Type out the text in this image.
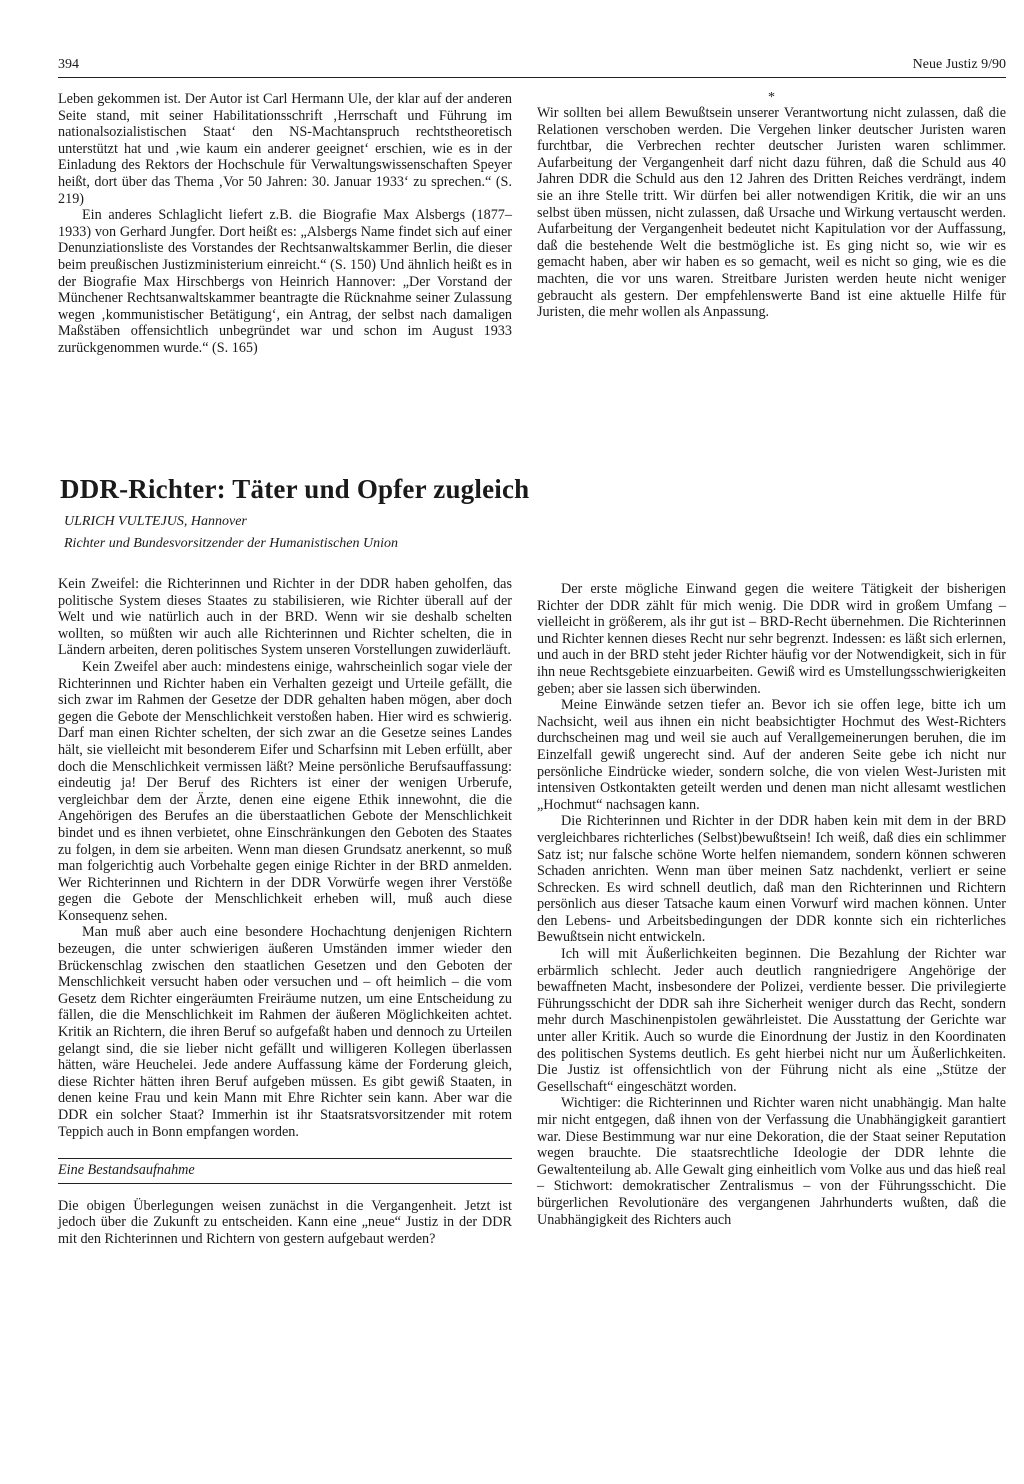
394	Neue Justiz 9/90

Leben gekommen ist. Der Autor ist Carl Hermann Ule, der klar auf der anderen Seite stand, mit seiner Habilitationsschrift ‚Herrschaft und Führung im nationalsozialistischen Staat‘ den NS-Machtanspruch rechtstheoretisch unterstützt hat und ‚wie kaum ein anderer geeignet‘ erschien, wie es in der Einladung des Rektors der Hochschule für Verwaltungswissenschaften Speyer heißt, dort über das Thema ‚Vor 50 Jahren: 30. Januar 1933‘ zu sprechen.“ (S. 219)

Ein anderes Schlaglicht liefert z.B. die Biografie Max Alsbergs (1877–1933) von Gerhard Jungfer. Dort heißt es: „Alsbergs Name findet sich auf einer Denunziationsliste des Vorstandes der Rechtsanwaltskammer Berlin, die dieser beim preußischen Justizministerium einreicht.“ (S. 150) Und ähnlich heißt es in der Biografie Max Hirschbergs von Heinrich Hannover: „Der Vorstand der Münchener Rechtsanwaltskammer beantragte die Rücknahme seiner Zulassung wegen ‚kommunistischer Betätigung‘, ein Antrag, der selbst nach damaligen Maßstäben offensichtlich unbegründet war und schon im August 1933 zurückgenommen wurde.“ (S. 165)

*

Wir sollten bei allem Bewußtsein unserer Verantwortung nicht zulassen, daß die Relationen verschoben werden. Die Vergehen linker deutscher Juristen waren furchtbar, die Verbrechen rechter deutscher Juristen waren schlimmer. Aufarbeitung der Vergangenheit darf nicht dazu führen, daß die Schuld aus 40 Jahren DDR die Schuld aus den 12 Jahren des Dritten Reiches verdrängt, indem sie an ihre Stelle tritt. Wir dürfen bei aller notwendigen Kritik, die wir an uns selbst üben müssen, nicht zulassen, daß Ursache und Wirkung vertauscht werden. Aufarbeitung der Vergangenheit bedeutet nicht Kapitulation vor der Auffassung, daß die bestehende Welt die bestmögliche ist. Es ging nicht so, wie wir es gemacht haben, aber wir haben es so gemacht, weil es nicht so ging, wie es die machten, die vor uns waren. Streitbare Juristen werden heute nicht weniger gebraucht als gestern. Der empfehlenswerte Band ist eine aktuelle Hilfe für Juristen, die mehr wollen als Anpassung.

DDR-Richter: Täter und Opfer zugleich
ULRICH VULTEJUS, Hannover
Richter und Bundesvorsitzender der Humanistischen Union

Kein Zweifel: die Richterinnen und Richter in der DDR haben geholfen, das politische System dieses Staates zu stabilisieren, wie Richter überall auf der Welt und wie natürlich auch in der BRD. Wenn wir sie deshalb schelten wollten, so müßten wir auch alle Richterinnen und Richter schelten, die in Ländern arbeiten, deren politisches System unseren Vorstellungen zuwiderläuft.

Kein Zweifel aber auch: mindestens einige, wahrscheinlich sogar viele der Richterinnen und Richter haben ein Verhalten gezeigt und Urteile gefällt, die sich zwar im Rahmen der Gesetze der DDR gehalten haben mögen, aber doch gegen die Gebote der Menschlichkeit verstoßen haben. Hier wird es schwierig. Darf man einen Richter schelten, der sich zwar an die Gesetze seines Landes hält, sie vielleicht mit besonderem Eifer und Scharfsinn mit Leben erfüllt, aber doch die Menschlichkeit vermissen läßt? Meine persönliche Berufsauffassung: eindeutig ja! Der Beruf des Richters ist einer der wenigen Urberufe, vergleichbar dem der Ärzte, denen eine eigene Ethik innewohnt, die die Angehörigen des Berufes an die überstaatlichen Gebote der Menschlichkeit bindet und es ihnen verbietet, ohne Einschränkungen den Geboten des Staates zu folgen, in dem sie arbeiten. Wenn man diesen Grundsatz anerkennt, so muß man folgerichtig auch Vorbehalte gegen einige Richter in der BRD anmelden. Wer Richterinnen und Richtern in der DDR Vorwürfe wegen ihrer Verstöße gegen die Gebote der Menschlichkeit erheben will, muß auch diese Konsequenz sehen.

Man muß aber auch eine besondere Hochachtung denjenigen Richtern bezeugen, die unter schwierigen äußeren Umständen immer wieder den Brückenschlag zwischen den staatlichen Gesetzen und den Geboten der Menschlichkeit versucht haben oder versuchen und – oft heimlich – die vom Gesetz dem Richter eingeräumten Freiräume nutzen, um eine Entscheidung zu fällen, die die Menschlichkeit im Rahmen der äußeren Möglichkeiten achtet. Kritik an Richtern, die ihren Beruf so aufgefaßt haben und dennoch zu Urteilen gelangt sind, die sie lieber nicht gefällt und willigeren Kollegen überlassen hätten, wäre Heuchelei. Jede andere Auffassung käme der Forderung gleich, diese Richter hätten ihren Beruf aufgeben müssen. Es gibt gewiß Staaten, in denen keine Frau und kein Mann mit Ehre Richter sein kann. Aber war die DDR ein solcher Staat? Immerhin ist ihr Staatsratsvorsitzender mit rotem Teppich auch in Bonn empfangen worden.

Eine Bestandsaufnahme

Die obigen Überlegungen weisen zunächst in die Vergangenheit. Jetzt ist jedoch über die Zukunft zu entscheiden. Kann eine „neue“ Justiz in der DDR mit den Richterinnen und Richtern von gestern aufgebaut werden?

Der erste mögliche Einwand gegen die weitere Tätigkeit der bisherigen Richter der DDR zählt für mich wenig. Die DDR wird in großem Umfang – vielleicht in größerem, als ihr gut ist – BRD-Recht übernehmen. Die Richterinnen und Richter kennen dieses Recht nur sehr begrenzt. Indessen: es läßt sich erlernen, und auch in der BRD steht jeder Richter häufig vor der Notwendigkeit, sich in für ihn neue Rechtsgebiete einzuarbeiten. Gewiß wird es Umstellungsschwierigkeiten geben; aber sie lassen sich überwinden.

Meine Einwände setzen tiefer an. Bevor ich sie offen lege, bitte ich um Nachsicht, weil aus ihnen ein nicht beabsichtigter Hochmut des West-Richters durchscheinen mag und weil sie auch auf Verallgemeinerungen beruhen, die im Einzelfall gewiß ungerecht sind. Auf der anderen Seite gebe ich nicht nur persönliche Eindrücke wieder, sondern solche, die von vielen West-Juristen mit intensiven Ostkontakten geteilt werden und denen man nicht allesamt westlichen „Hochmut“ nachsagen kann.

Die Richterinnen und Richter in der DDR haben kein mit dem in der BRD vergleichbares richterliches (Selbst)bewußtsein! Ich weiß, daß dies ein schlimmer Satz ist; nur falsche schöne Worte helfen niemandem, sondern können schweren Schaden anrichten. Wenn man über meinen Satz nachdenkt, verliert er seine Schrecken. Es wird schnell deutlich, daß man den Richterinnen und Richtern persönlich aus dieser Tatsache kaum einen Vorwurf wird machen können. Unter den Lebens- und Arbeitsbedingungen der DDR konnte sich ein richterliches Bewußtsein nicht entwickeln.

Ich will mit Äußerlichkeiten beginnen. Die Bezahlung der Richter war erbärmlich schlecht. Jeder auch deutlich rangniedrigere Angehörige der bewaffneten Macht, insbesondere der Polizei, verdiente besser. Die privilegierte Führungsschicht der DDR sah ihre Sicherheit weniger durch das Recht, sondern mehr durch Maschinenpistolen gewährleistet. Die Ausstattung der Gerichte war unter aller Kritik. Auch so wurde die Einordnung der Justiz in den Koordinaten des politischen Systems deutlich. Es geht hierbei nicht nur um Äußerlichkeiten. Die Justiz ist offensichtlich von der Führung nicht als eine „Stütze der Gesellschaft“ eingeschätzt worden.

Wichtiger: die Richterinnen und Richter waren nicht unabhängig. Man halte mir nicht entgegen, daß ihnen von der Verfassung die Unabhängigkeit garantiert war. Diese Bestimmung war nur eine Dekoration, die der Staat seiner Reputation wegen brauchte. Die staatsrechtliche Ideologie der DDR lehnte die Gewaltenteilung ab. Alle Gewalt ging einheitlich vom Volke aus und das hieß real – Stichwort: demokratischer Zentralismus – von der Führungsschicht. Die bürgerlichen Revolutionäre des vergangenen Jahrhunderts wußten, daß die Unabhängigkeit des Richters auch
